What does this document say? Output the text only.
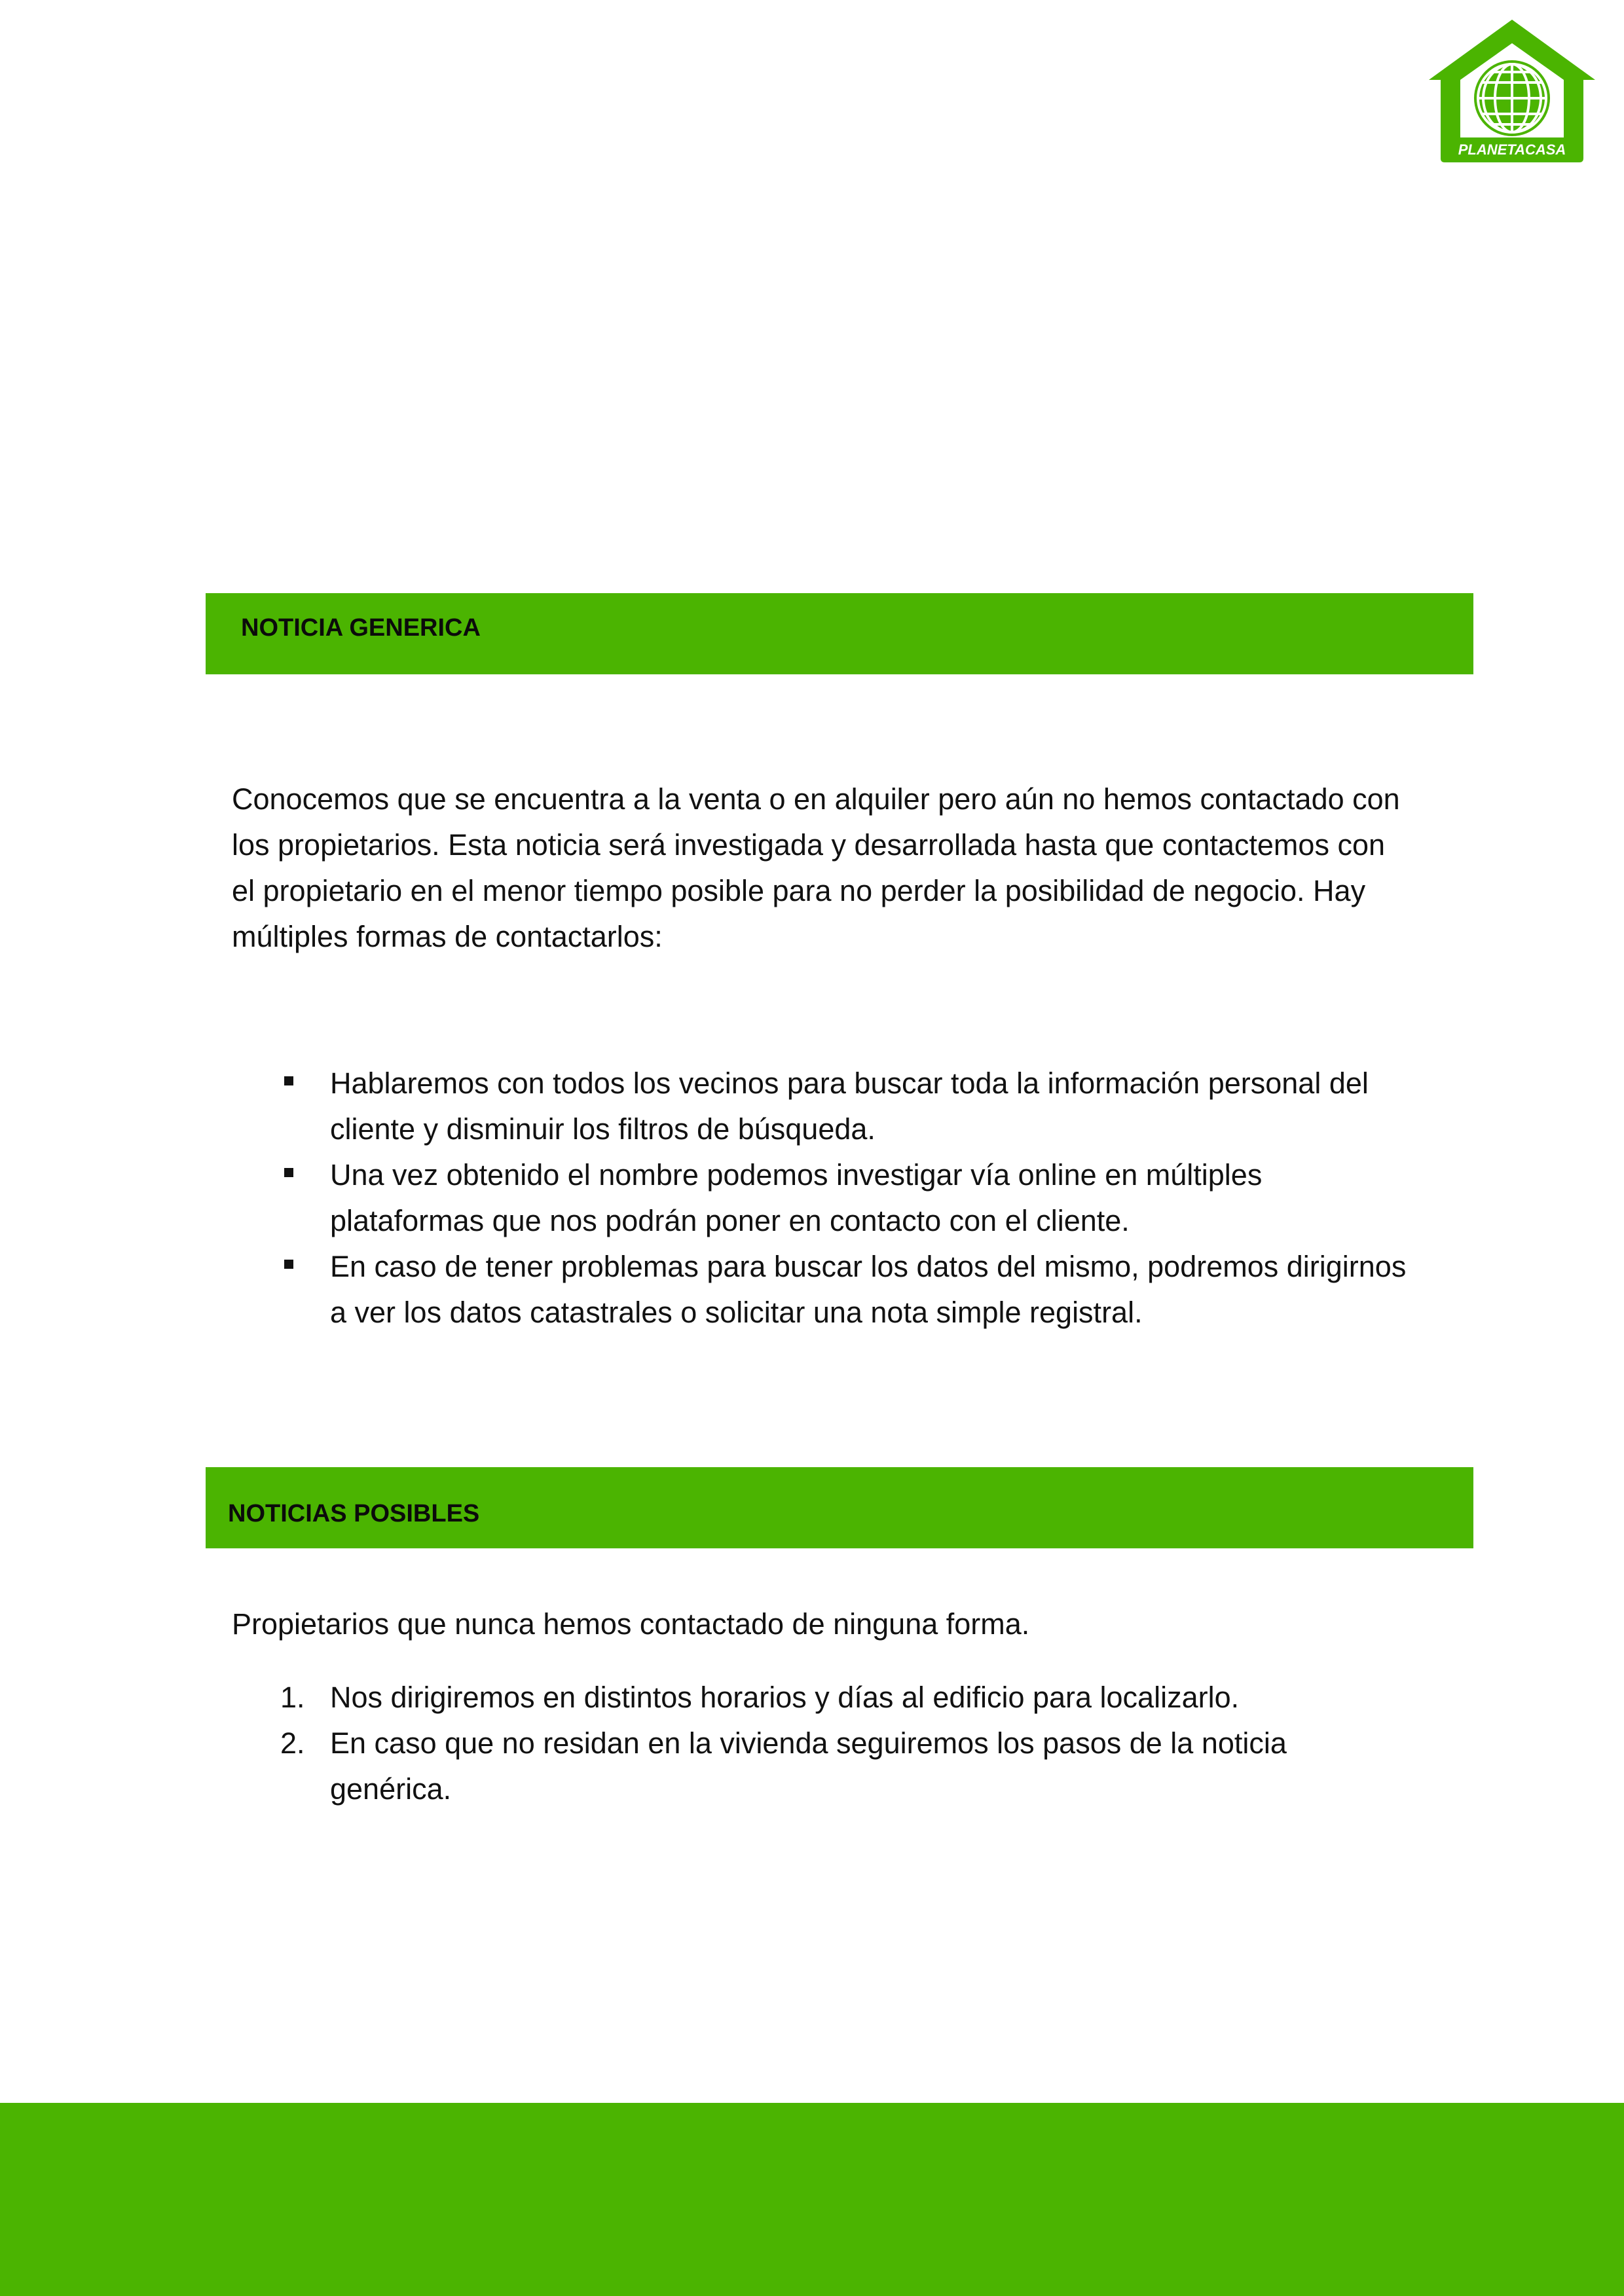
PLANETACASA
NOTICIA GENERICA

Conocemos que se encuentra a la venta o en alquiler pero aún no hemos contactado con los propietarios. Esta noticia será investigada y desarrollada hasta que contactemos con el propietario en el menor tiempo posible para no perder la posibilidad de negocio. Hay múltiples formas de contactarlos:

Hablaremos con todos los vecinos para buscar toda la información personal del cliente y disminuir los filtros de búsqueda.
Una vez obtenido el nombre podemos investigar vía online en múltiples plataformas que nos podrán poner en contacto con el cliente.
En caso de tener problemas para buscar los datos del mismo, podremos dirigirnos a ver los datos catastrales o solicitar una nota simple registral.
NOTICIAS POSIBLES

Propietarios que nunca hemos contactado de ninguna forma.

1. Nos dirigiremos en distintos horarios y días al edificio para localizarlo.
2. En caso que no residan en la vivienda seguiremos los pasos de la noticia genérica.
